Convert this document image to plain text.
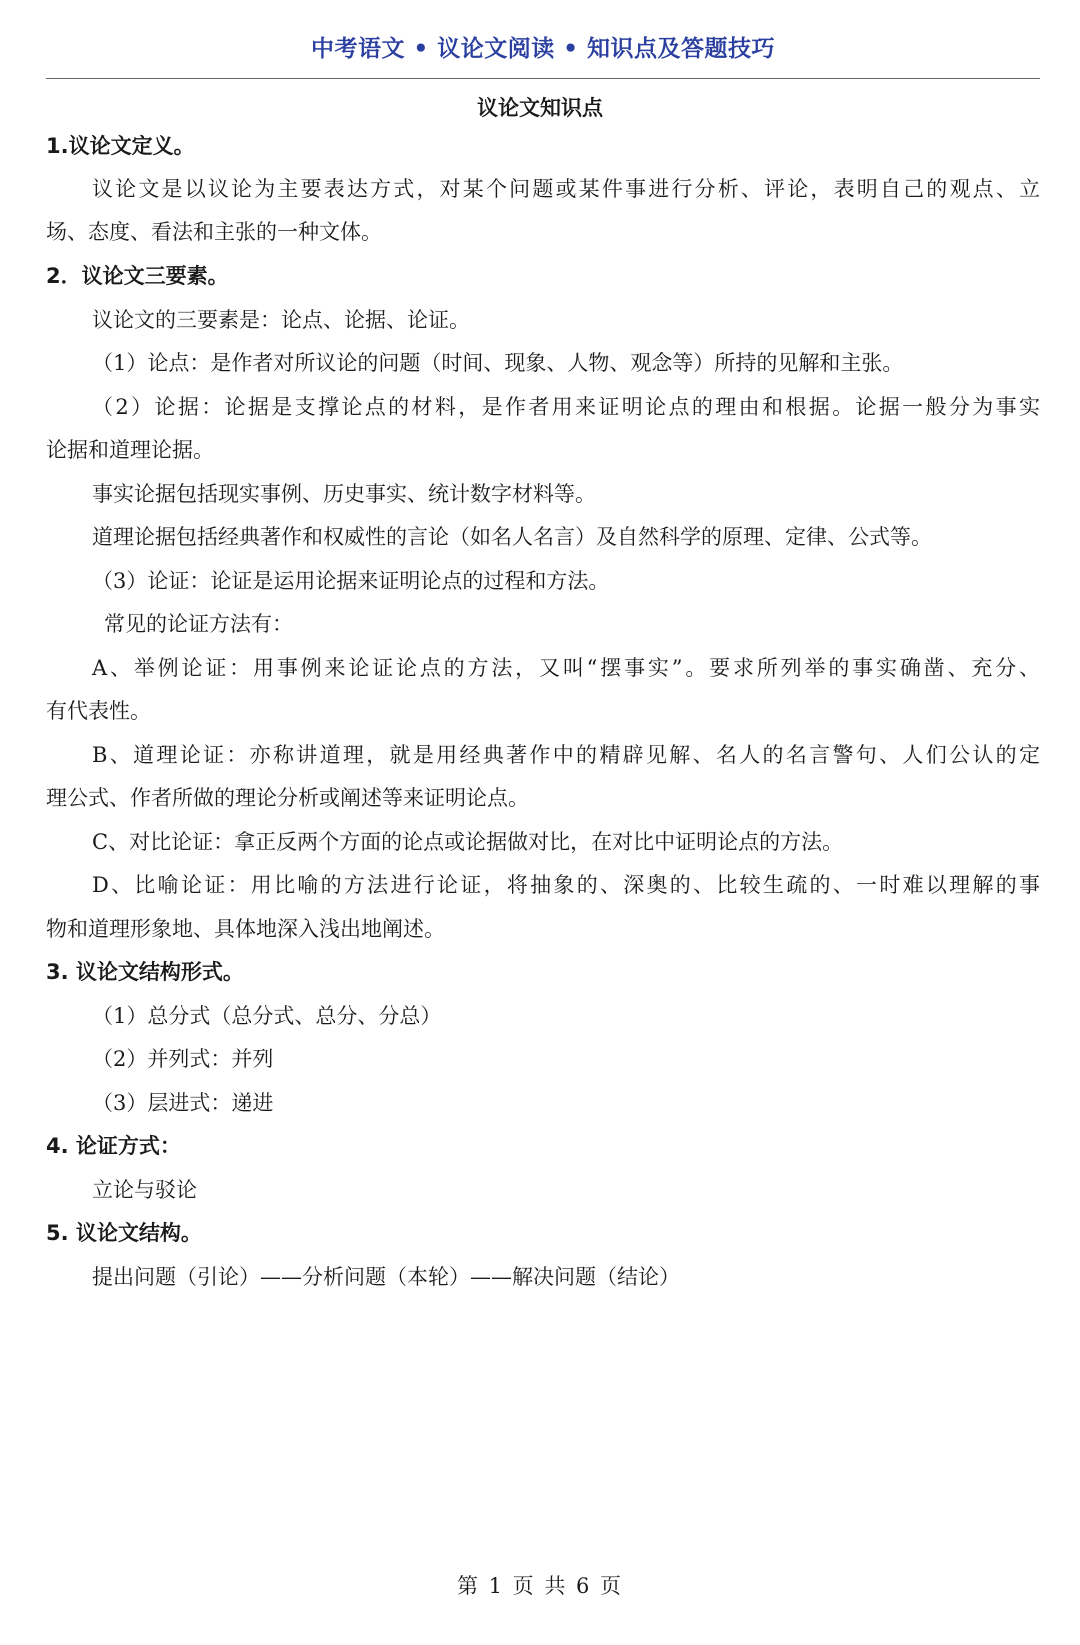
中考语文 • 议论文阅读 • 知识点及答题技巧
议论文知识点
1.议论文定义。
议论文是以议论为主要表达方式，对某个问题或某件事进行分析、评论，表明自己的观点、立
场、态度、看法和主张的一种文体。
2．议论文三要素。
议论文的三要素是：论点、论据、论证。
（1）论点：是作者对所议论的问题（时间、现象、人物、观念等）所持的见解和主张。
（2）论据：论据是支撑论点的材料，是作者用来证明论点的理由和根据。论据一般分为事实
论据和道理论据。
事实论据包括现实事例、历史事实、统计数字材料等。
道理论据包括经典著作和权威性的言论（如名人名言）及自然科学的原理、定律、公式等。
（3）论证：论证是运用论据来证明论点的过程和方法。
常见的论证方法有：
A、举例论证：用事例来论证论点的方法，又叫“摆事实”。要求所列举的事实确凿、充分、
有代表性。
B、道理论证：亦称讲道理，就是用经典著作中的精辟见解、名人的名言警句、人们公认的定
理公式、作者所做的理论分析或阐述等来证明论点。
C、对比论证：拿正反两个方面的论点或论据做对比，在对比中证明论点的方法。
D、比喻论证：用比喻的方法进行论证，将抽象的、深奥的、比较生疏的、一时难以理解的事
物和道理形象地、具体地深入浅出地阐述。
3. 议论文结构形式。
（1）总分式（总分式、总分、分总）
（2）并列式：并列
（3）层进式：递进
4. 论证方式：
立论与驳论
5. 议论文结构。
提出问题（引论）——分析问题（本轮）——解决问题（结论）
第 1 页 共 6 页
